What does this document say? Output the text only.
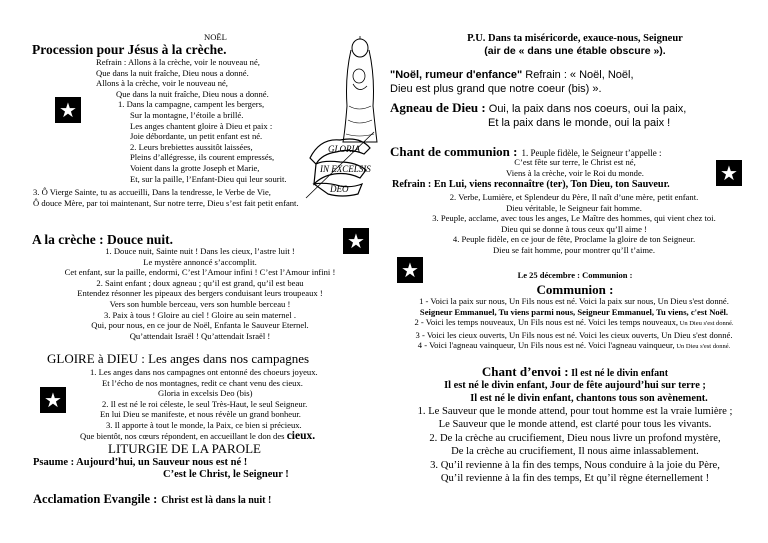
NOËL
Procession pour Jésus à la crèche.
Refrain : Allons à la crèche, voir le nouveau né,
Que dans la nuit fraîche, Dieu nous a donné.
Allons à la crèche, voir le nouveau né,
Que dans la nuit fraîche, Dieu nous a donné.
1. Dans la campagne, campent les bergers,
Sur la montagne, l’étoile a brillé.
Les anges chantent gloire à Dieu et paix :
Joie débordante, un petit enfant est né.
2. Leurs brebiettes aussitôt laissées,
Pleins d’allégresse, ils courent empressés,
Voient dans la grotte Joseph et Marie,
Et, sur la paille, l’Enfant-Dieu qui leur sourit.
3. Ô Vierge Sainte, tu as accueilli, Dans la tendresse, le Verbe de Vie,
Ô douce Mère, par toi maintenant, Sur notre terre, Dieu s’est fait petit enfant.
★
GLORIA
IN EXCELSIS
DEO
A la crèche : Douce nuit.	★
1. Douce nuit, Sainte nuit ! Dans les cieux, l’astre luit !
Le mystère annoncé s’accomplit.
Cet enfant, sur la paille, endormi, C’est l’Amour infini ! C’est l’Amour infini !
2. Saint enfant ; doux agneau ; qu’il est grand, qu’il est beau
Entendez résonner les pipeaux des bergers conduisant leurs troupeaux !
Vers son humble berceau, vers son humble berceau !
3. Paix à tous ! Gloire au ciel ! Gloire au sein maternel .
Qui, pour nous, en ce jour de Noël, Enfanta le Sauveur Eternel.
Qu’attendait Israël ! Qu’attendait Israël !
GLOIRE à DIEU : Les anges dans nos campagnes
★
1. Les anges dans nos campagnes ont entonné des choeurs joyeux.
Et l’écho de nos montagnes, redit ce chant venu des cieux.
Gloria in excelsis Deo (bis)
2. Il est né le roi céleste, le seul Très-Haut, le seul Seigneur.
En lui Dieu se manifeste, et nous révèle un grand bonheur.
3. Il apporte à tout le monde, la Paix, ce bien si précieux.
Que bientôt, nos cœurs répondent, en accueillant le don des cieux.
LITURGIE DE LA PAROLE
Psaume : Aujourd’hui, un Sauveur nous est né !
C’est le Christ, le Seigneur !
Acclamation Evangile : Christ est là dans la nuit !
P.U. Dans ta miséricorde, exauce-nous, Seigneur
(air de « dans une étable obscure »).
"Noël, rumeur d'enfance" Refrain : « Noël, Noël,
Dieu est plus grand que notre coeur (bis) ».
Agneau de Dieu : Oui, la paix dans nos coeurs, oui la paix,
Et la paix dans le monde, oui la paix !
Chant de communion : 1. Peuple fidèle, le Seigneur t’appelle :
C’est fête sur terre, le Christ est né,
Viens à la crèche, voir le Roi du monde.	★
Refrain : En Lui, viens reconnaître (ter), Ton Dieu, ton Sauveur.
2. Verbe, Lumière, et Splendeur du Père, Il naît d’une mère, petit enfant.
Dieu véritable, le Seigneur fait homme.
3. Peuple, acclame, avec tous les anges, Le Maître des hommes, qui vient chez toi.
Dieu qui se donne à tous ceux qu’Il aime !
4. Peuple fidèle, en ce jour de fête, Proclame la gloire de ton Seigneur.
Dieu se fait homme, pour montrer qu’Il t’aime.
★	Le 25 décembre : Communion :
Communion :
1 - Voici la paix sur nous, Un Fils nous est né. Voici la paix sur nous, Un Dieu s'est donné.
Seigneur Emmanuel, Tu viens parmi nous, Seigneur Emmanuel, Tu viens, c'est Noël.
2 - Voici les temps nouveaux, Un Fils nous est né. Voici les temps nouveaux, Un Dieu s'est donné.
3 - Voici les cieux ouverts, Un Fils nous est né. Voici les cieux ouverts, Un Dieu s'est donné.
4 - Voici l'agneau vainqueur, Un Fils nous est né. Voici l'agneau vainqueur, Un Dieu s'est donné.
Chant d’envoi : Il est né le divin enfant
Il est né le divin enfant, Jour de fête aujourd’hui sur terre ;
Il est né le divin enfant, chantons tous son avènement.
1. Le Sauveur que le monde attend, pour tout homme est la vraie lumière ;
Le Sauveur que le monde attend, est clarté pour tous les vivants.
2. De la crèche au crucifiement, Dieu nous livre un profond mystère,
De la crèche au crucifiement, Il nous aime inlassablement.
3. Qu’il revienne à la fin des temps, Nous conduire à la joie du Père,
Qu’il revienne à la fin des temps, Et qu’il règne éternellement !
